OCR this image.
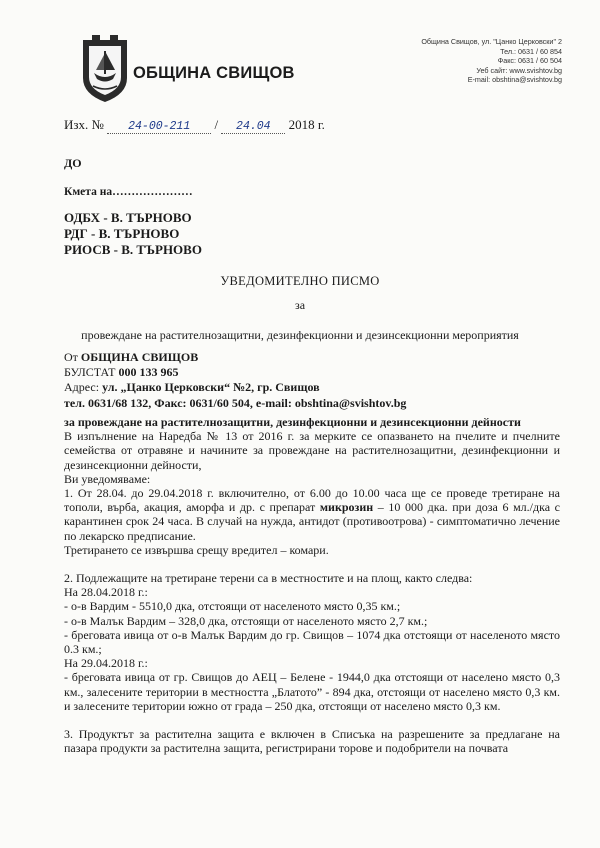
ОБЩИНА СВИЩОВ
Община Свищов, ул. "Цанко Церковски" 2
Тел.: 0631 / 60 854
Факс: 0631 / 60 504
Уеб сайт: www.svishtov.bg
E-mail: obshtina@svishtov.bg
Изх. № 24-00-211 / 24.04 2018 г.
ДО
Кмета на…………………
ОДБХ - В. ТЪРНОВО
РДГ - В. ТЪРНОВО
РИОСВ - В. ТЪРНОВО
УВЕДОМИТЕЛНО ПИСМО
за
провеждане на растителнозащитни, дезинфекционни и дезинсекционни мероприятия
От ОБЩИНА СВИЩОВ
БУЛСТАТ 000 133 965
Адрес: ул. „Цанко Церковски“ №2, гр. Свищов
тел. 0631/68 132, Факс: 0631/60 504, e-mail: obshtina@svishtov.bg

за провеждане на растителнозащитни, дезинфекционни и дезинсекционни дейности

В изпълнение на Наредба № 13 от 2016 г. за мерките се опазването на пчелите и пчелните семейства от отравяне и начините за провеждане на растителнозащитни, дезинфекционни и дезинсекционни дейности,

Ви уведомяваме:

1. От 28.04. до 29.04.2018 г. включително, от 6.00 до 10.00 часа ще се проведе третиране на тополи, върба, акация, аморфа и др. с препарат микрозин – 10 000 дка. при доза 6 мл./дка с карантинен срок 24 часа. В случай на нужда, антидот (противоотрова) - симптоматично лечение по лекарско предписание.

Третирането се извършва срещу вредител – комари.

2. Подлежащите на третиране терени са в местностите и на площ, както следва:

На 28.04.2018 г.:

- о-в Вардим - 5510,0 дка, отстоящи от населеното място 0,35 км.;

- о-в Малък Вардим – 328,0 дка, отстоящи от населеното място 2,7 км.;

- бреговата ивица от о-в Малък Вардим до гр. Свищов – 1074 дка отстоящи от населеното място 0.3 км.;

На 29.04.2018 г.:

- бреговата ивица от гр. Свищов до АЕЦ – Белене - 1944,0 дка отстоящи от населено място 0,3 км., залесените територии в местността „Блатото” - 894 дка, отстоящи от населено място 0,3 км. и залесените територии южно от града – 250 дка, отстоящи от населено място 0,3 км.

3. Продуктът за растителна защита е включен в Списъка на разрешените за предлагане на пазара продукти за растителна защита, регистрирани торове и подобрители на почвата
